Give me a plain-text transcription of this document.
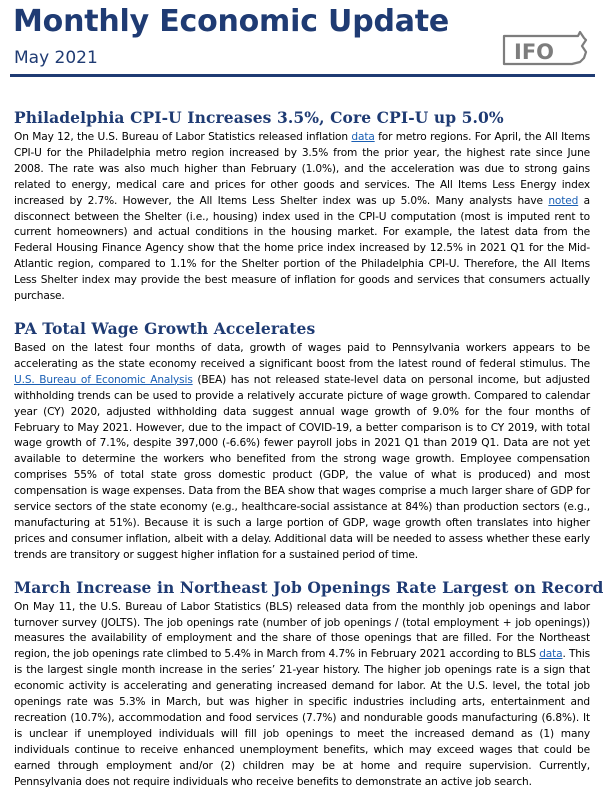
Monthly Economic Update
May 2021	IFO
Philadelphia CPI-U Increases 3.5%, Core CPI-U up 5.0%

On May 12, the U.S. Bureau of Labor Statistics released inflation data for metro regions. For April, the All Items CPI-U for the Philadelphia metro region increased by 3.5% from the prior year, the highest rate since June 2008. The rate was also much higher than February (1.0%), and the acceleration was due to strong gains related to energy, medical care and prices for other goods and services. The All Items Less Energy index increased by 2.7%. However, the All Items Less Shelter index was up 5.0%. Many analysts have noted a disconnect between the Shelter (i.e., housing) index used in the CPI-U computation (most is imputed rent to current homeowners) and actual conditions in the housing market. For example, the latest data from the Federal Housing Finance Agency show that the home price index increased by 12.5% in 2021 Q1 for the Mid-Atlantic region, compared to 1.1% for the Shelter portion of the Philadelphia CPI-U. Therefore, the All Items Less Shelter index may provide the best measure of inflation for goods and services that consumers actually purchase.

PA Total Wage Growth Accelerates

Based on the latest four months of data, growth of wages paid to Pennsylvania workers appears to be accelerating as the state economy received a significant boost from the latest round of federal stimulus. The U.S. Bureau of Economic Analysis (BEA) has not released state-level data on personal income, but adjusted withholding trends can be used to provide a relatively accurate picture of wage growth. Compared to calendar year (CY) 2020, adjusted withholding data suggest annual wage growth of 9.0% for the four months of February to May 2021. However, due to the impact of COVID-19, a better comparison is to CY 2019, with total wage growth of 7.1%, despite 397,000 (-6.6%) fewer payroll jobs in 2021 Q1 than 2019 Q1. Data are not yet available to determine the workers who benefited from the strong wage growth. Employee compensation comprises 55% of total state gross domestic product (GDP, the value of what is produced) and most compensation is wage expenses. Data from the BEA show that wages comprise a much larger share of GDP for service sectors of the state economy (e.g., healthcare-social assistance at 84%) than production sectors (e.g., manufacturing at 51%). Because it is such a large portion of GDP, wage growth often translates into higher prices and consumer inflation, albeit with a delay. Additional data will be needed to assess whether these early trends are transitory or suggest higher inflation for a sustained period of time.

March Increase in Northeast Job Openings Rate Largest on Record

On May 11, the U.S. Bureau of Labor Statistics (BLS) released data from the monthly job openings and labor turnover survey (JOLTS). The job openings rate (number of job openings / (total employment + job openings)) measures the availability of employment and the share of those openings that are filled. For the Northeast region, the job openings rate climbed to 5.4% in March from 4.7% in February 2021 according to BLS data. This is the largest single month increase in the series’ 21-year history. The higher job openings rate is a sign that economic activity is accelerating and generating increased demand for labor. At the U.S. level, the total job openings rate was 5.3% in March, but was higher in specific industries including arts, entertainment and recreation (10.7%), accommodation and food services (7.7%) and nondurable goods manufacturing (6.8%). It is unclear if unemployed individuals will fill job openings to meet the increased demand as (1) many individuals continue to receive enhanced unemployment benefits, which may exceed wages that could be earned through employment and/or (2) children may be at home and require supervision. Currently, Pennsylvania does not require individuals who receive benefits to demonstrate an active job search.
